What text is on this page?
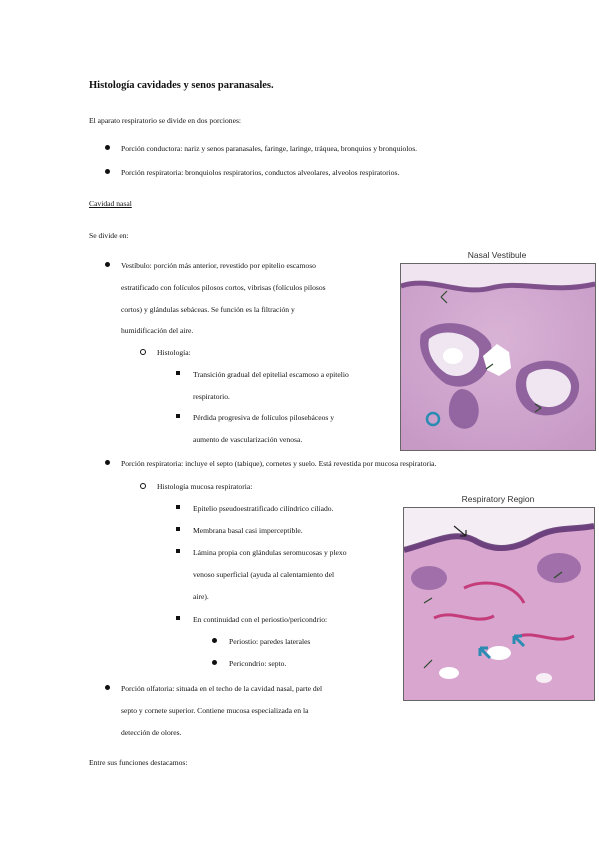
Histología cavidades y senos paranasales.
El aparato respiratorio se divide en dos porciones:
Porción conductora: nariz y senos paranasales, faringe, laringe, tráquea, bronquios y bronquiolos.
Porción respiratoria: bronquiolos respiratorios, conductos alveolares, alveolos respiratorios.
Cavidad nasal
Se divide en:
Vestíbulo: porción más anterior, revestido por epitelio escamoso
estratificado con folículos pilosos cortos, vibrisas (folículos pilosos
cortos) y glándulas sebáceas. Se función es la filtración y
humidificación del aire.
Histología:
Transición gradual del epitelial escamoso a epitelio
respiratorio.
Pérdida progresiva de folículos pilosebáceos y
aumento de vascularización venosa.
Porción respiratoria: incluye el septo (tabique), cornetes y suelo. Está revestida por mucosa respiratoria.
Histología mucosa respiratoria:
Epitelio pseudoestratificado cilíndrico ciliado.
Membrana basal casi imperceptible.
Lámina propia con glándulas seromucosas y plexo
venoso superficial (ayuda al calentamiento del
aire).
En continuidad con el periostio/pericondrio:
Periostio: paredes laterales
Pericondrio: septo.
Porción olfatoria: situada en el techo de la cavidad nasal, parte del
septo y cornete superior. Contiene mucosa especializada en la
detección de olores.
Entre sus funciones destacamos:
Nasal Vestibule
Respiratory Region
